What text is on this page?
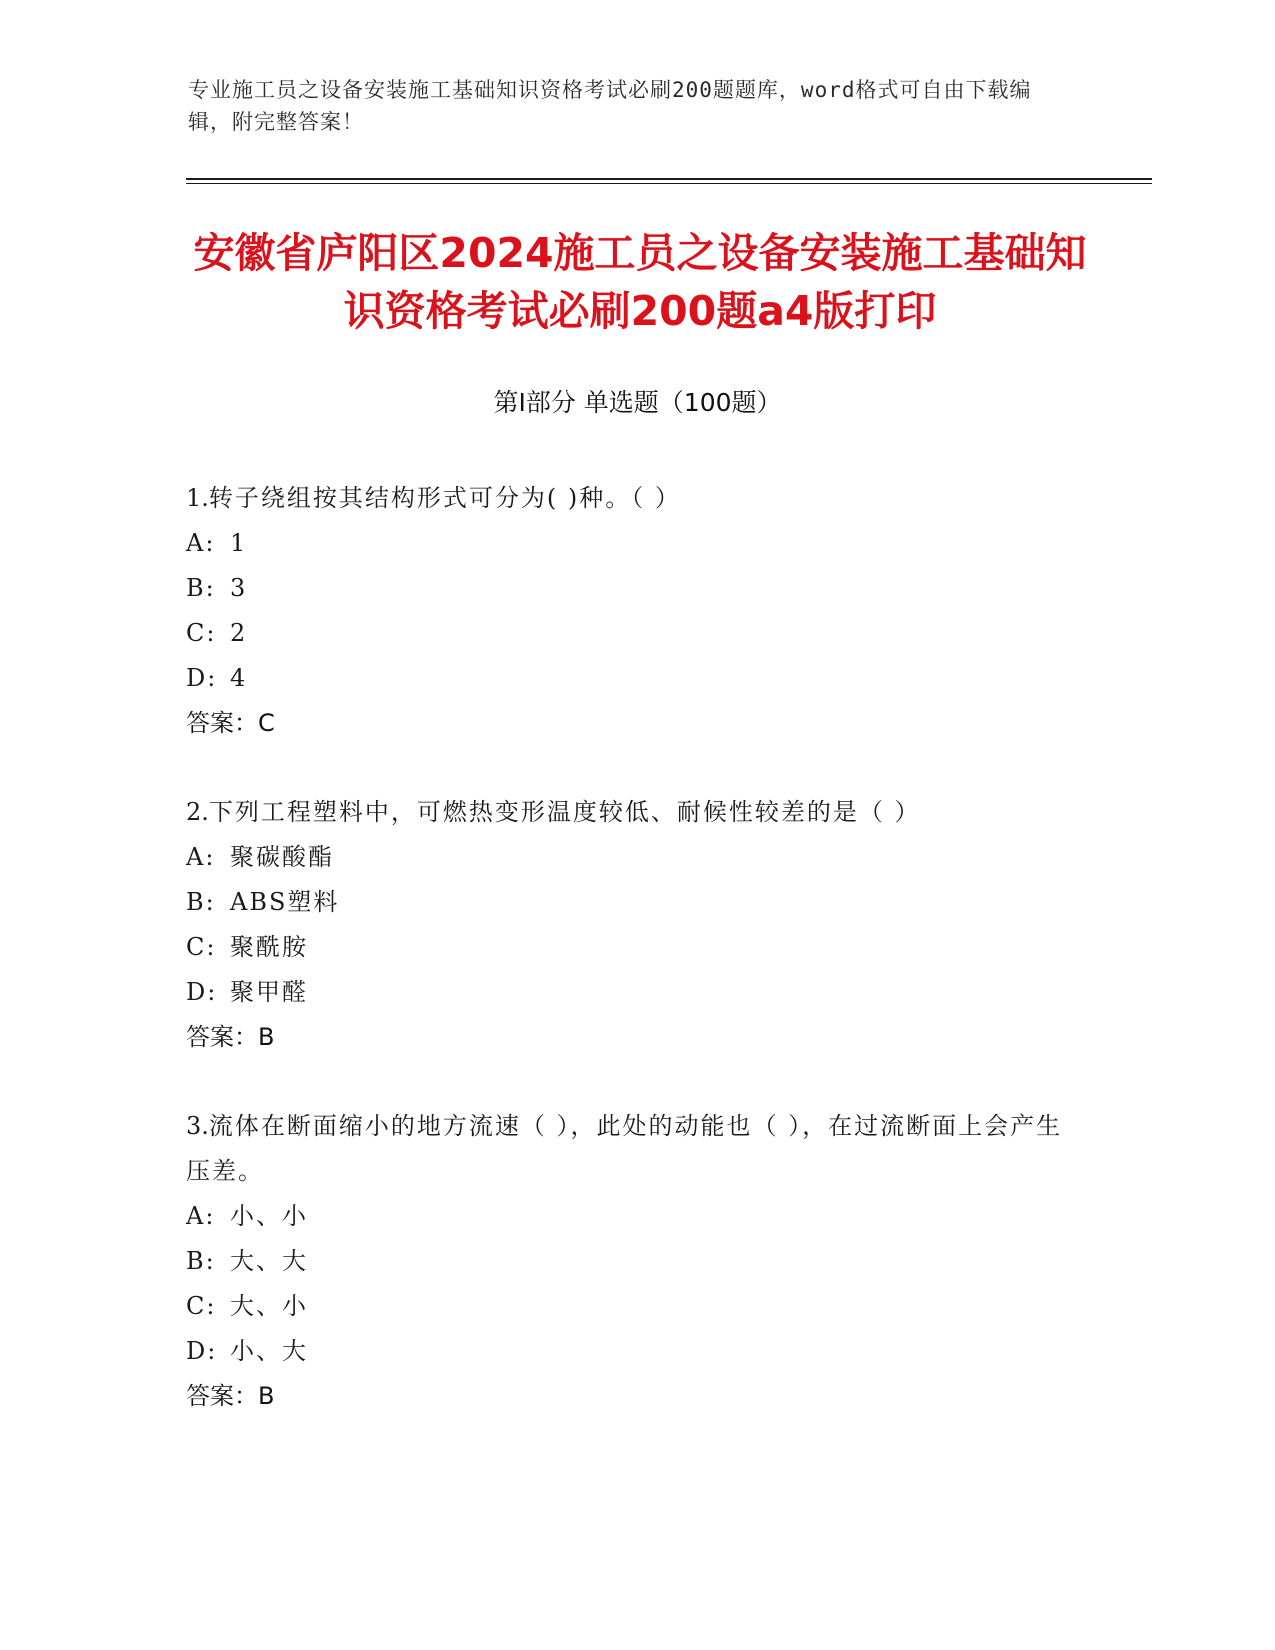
专业施工员之设备安装施工基础知识资格考试必刷200题题库，word格式可自由下载编辑，附完整答案！
安徽省庐阳区2024施工员之设备安装施工基础知识资格考试必刷200题a4版打印
第Ⅰ部分 单选题（100题）
1.转子绕组按其结构形式可分为( )种。（ ）
A: 1
B: 3
C: 2
D: 4
答案：C
2.下列工程塑料中，可燃热变形温度较低、耐候性较差的是（ ）
A: 聚碳酸酯
B: ABS塑料
C: 聚酰胺
D: 聚甲醛
答案：B
3.流体在断面缩小的地方流速（ ），此处的动能也（ ），在过流断面上会产生压差。
A: 小、小
B: 大、大
C: 大、小
D: 小、大
答案：B
